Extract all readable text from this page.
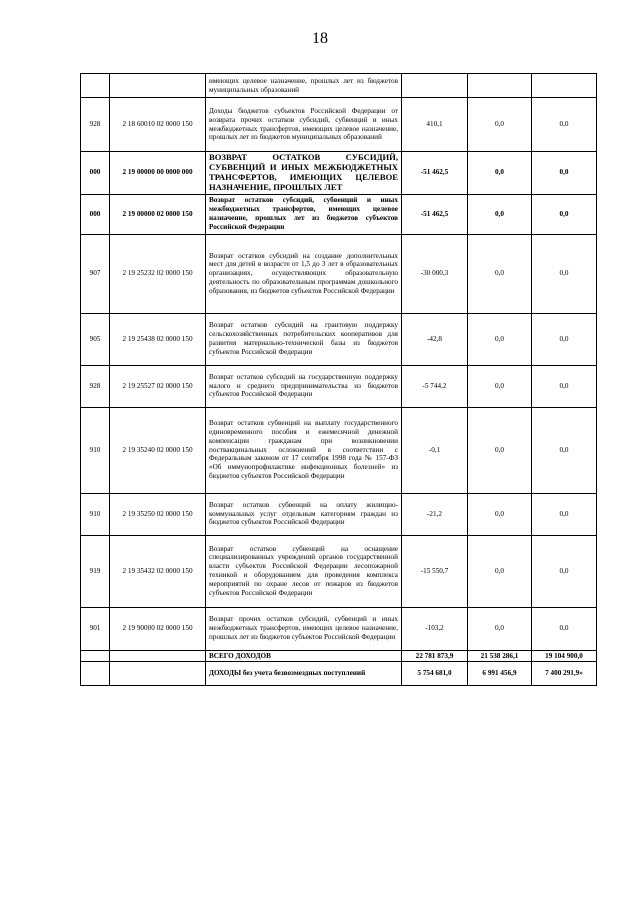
18
		имеющих целевое назначение, прошлых лет из бюджетов муниципальных образований			
928	2 18 60010 02 0000 150	Доходы бюджетов субъектов Российской Федерации от возврата прочих остатков субсидий, субвенций и иных межбюджетных трансфертов, имеющих целевое назначение, прошлых лет из бюджетов муниципальных образований	410,1	0,0	0,0
000	2 19 00000 00 0000 000	ВОЗВРАТ ОСТАТКОВ СУБСИДИЙ, СУБВЕНЦИЙ И ИНЫХ МЕЖБЮДЖЕТНЫХ ТРАНСФЕРТОВ, ИМЕЮЩИХ ЦЕЛЕВОЕ НАЗНАЧЕНИЕ, ПРОШЛЫХ ЛЕТ	-51 462,5	0,0	0,0
000	2 19 00000 02 0000 150	Возврат остатков субсидий, субвенций и иных межбюджетных трансфертов, имеющих целевое назначение, прошлых лет из бюджетов субъектов Российской Федерации	-51 462,5	0,0	0,0
907	2 19 25232 02 0000 150	Возврат остатков субсидий на создание дополнительных мест для детей в возрасте от 1,5 до 3 лет в образовательных организациях, осуществляющих образовательную деятельность по образовательным программам дошкольного образования, из бюджетов субъектов Российской Федерации	-30 000,3	0,0	0,0
905	2 19 25438 02 0000 150	Возврат остатков субсидий на грантовую поддержку сельскохозяйственных потребительских кооперативов для развития материально-технической базы из бюджетов субъектов Российской Федерации	-42,8	0,0	0,0
928	2 19 25527 02 0000 150	Возврат остатков субсидий на государственную поддержку малого и среднего предпринимательства из бюджетов субъектов Российской Федерации	-5 744,2	0,0	0,0
910	2 19 35240 02 0000 150	Возврат остатков субвенций на выплату государственного единовременного пособия и ежемесячной денежной компенсации гражданам при возникновении поствакцинальных осложнений в соответствии с Федеральным законом от 17 сентября 1998 года № 157-ФЗ «Об иммунопрофилактике инфекционных болезней» из бюджетов субъектов Российской Федерации	-0,1	0,0	0,0
910	2 19 35250 02 0000 150	Возврат остатков субвенций на оплату жилищно-коммунальных услуг отдельным категориям граждан из бюджетов субъектов Российской Федерации	-21,2	0,0	0,0
919	2 19 35432 02 0000 150	Возврат остатков субвенций на оснащение специализированных учреждений органов государственной власти субъектов Российской Федерации лесопожарной техникой и оборудованием для проведения комплекса мероприятий по охране лесов от пожаров из бюджетов субъектов Российской Федерации	-15 550,7	0,0	0,0
901	2 19 90000 02 0000 150	Возврат прочих остатков субсидий, субвенций и иных межбюджетных трансфертов, имеющих целевое назначение, прошлых лет из бюджетов субъектов Российской Федерации	-103,2	0,0	0,0
		ВСЕГО ДОХОДОВ	22 781 873,9	21 538 286,1	19 104 900,0
		ДОХОДЫ без учета безвозмездных поступлений	5 754 681,0	6 991 456,9	7 400 291,9»
